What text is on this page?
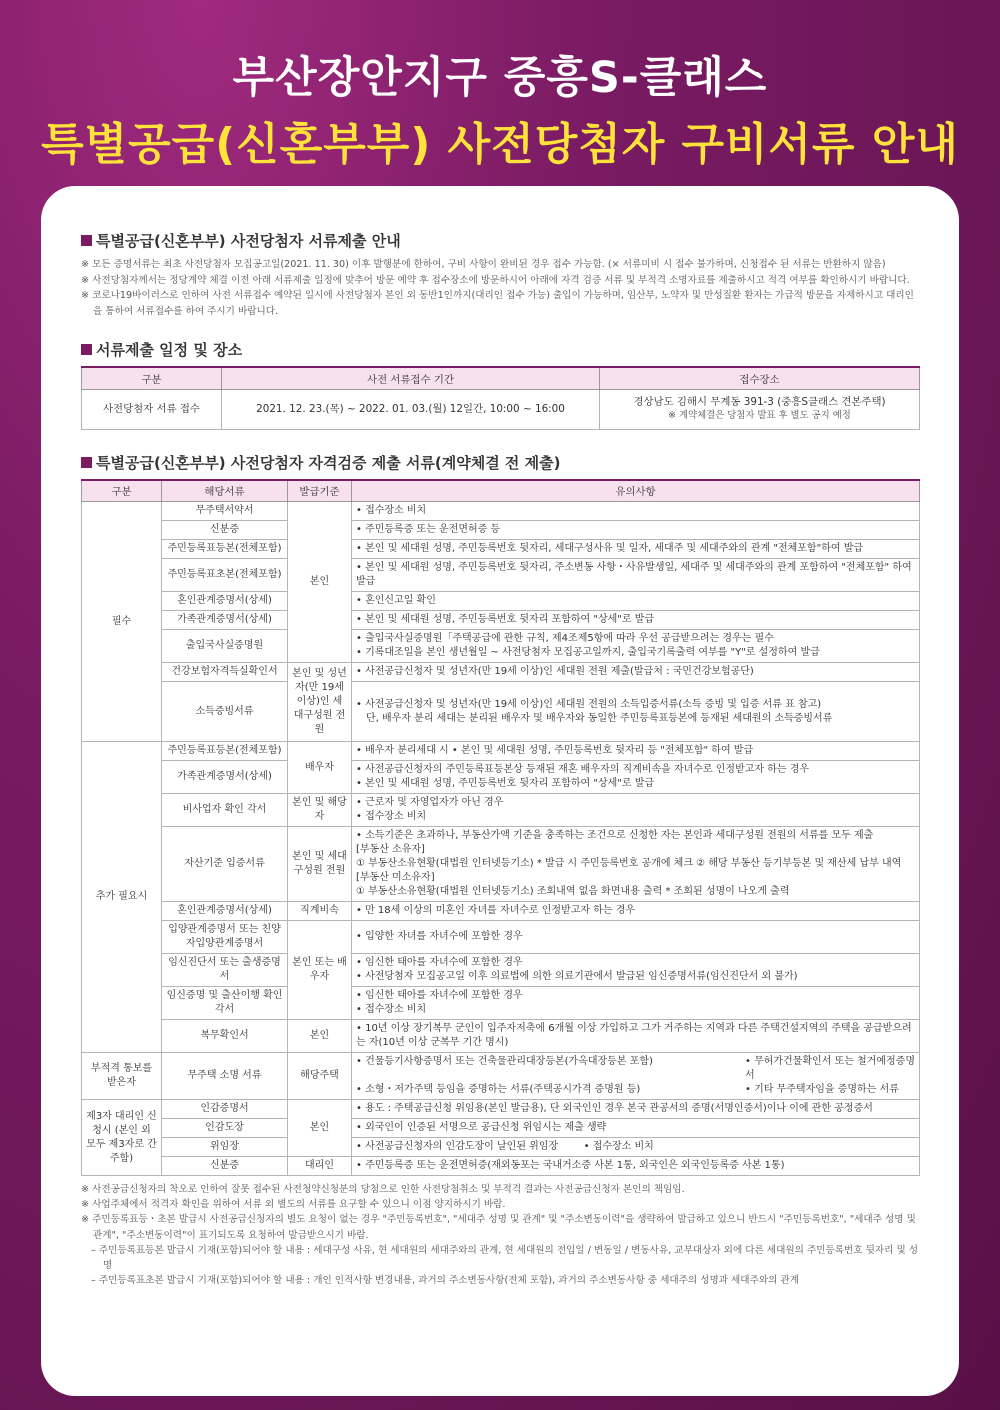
부산장안지구 중흥S-클래스
특별공급(신혼부부) 사전당첨자 구비서류 안내
특별공급(신혼부부) 사전당첨자 서류제출 안내
※ 모든 증명서류는 최초 사전당첨자 모집공고일(2021. 11. 30) 이후 발행분에 한하여, 구비 사항이 완비된 경우 접수 가능함. (× 서류미비 시 접수 불가하며, 신청접수 된 서류는 반환하지 않음)
※ 사전당첨자께서는 정당계약 체결 이전 아래 서류제출 일정에 맞추어 방문 예약 후 접수장소에 방문하시어 아래에 자격 검증 서류 및 부적격 소명자료를 제출하시고 적격 여부를 확인하시기 바랍니다.
※ 코로나19바이러스로 인하여 사전 서류접수 예약된 일시에 사전당첨자 본인 외 동반1인까지(대리인 접수 가능) 출입이 가능하며, 임산부, 노약자 및 만성질환 환자는 가급적 방문을 자제하시고 대리인을 통하여 서류접수를 하여 주시기 바랍니다.
서류제출 일정 및 장소
구분	사전 서류접수 기간	접수장소
사전당첨자 서류 접수	2021. 12. 23.(목) ~ 2022. 01. 03.(월) 12일간, 10:00 ~ 16:00	경상남도 김해시 무계동 391-3 (중흥S클래스 견본주택)
※ 계약체결은 당첨자 발표 후 별도 공지 예정
특별공급(신혼부부) 사전당첨자 자격검증 제출 서류(계약체결 전 제출)
구분	해당서류	발급기준	유의사항
필수	무주택서약서	본인	• 접수장소 비치
	신분증		• 주민등록증 또는 운전면허증 등
	주민등록표등본(전체포함)		• 본인 및 세대원 성명, 주민등록번호 뒷자리, 세대구성사유 및 일자, 세대주 및 세대주와의 관계 "전체포함"하여 발급
	주민등록표초본(전체포함)		• 본인 및 세대원 성명, 주민등록번호 뒷자리, 주소변동 사항・사유발생일, 세대주 및 세대주와의 관계 포함하여 "전체포함" 하여 발급
	혼인관계증명서(상세)		• 혼인신고일 확인
	가족관계증명서(상세)		• 본인 및 세대원 성명, 주민등록번호 뒷자리 포함하여 "상세"로 발급
	출입국사실증명원		• 출입국사실증명원「주택공급에 관한 규칙, 제4조제5항에 따라 우선 공급받으려는 경우는 필수
• 기록대조일을 본인 생년월일 ~ 사전당첨자 모집공고일까지, 출입국기록출력 여부를 "Y"로 설정하여 발급

	건강보험자격득실확인서	본인 및 성년자(만 19세이상)인 세대구성원 전원	• 사전공급신청자 및 성년자(만 19세 이상)인 세대원 전원 제출(발급처 : 국민건강보험공단)
	소득증빙서류		• 사전공급신청자 및 성년자(만 19세 이상)인 세대원 전원의 소득입증서류(소득 증빙 및 입증 서류 표 참고)
단, 배우자 분리 세대는 분리된 배우자 및 배우자와 동일한 주민등록표등본에 등재된 세대원의 소득증빙서류

추가 필요시	주민등록표등본(전체포함)	배우자	• 배우자 분리세대 시 • 본인 및 세대원 성명, 주민등록번호 뒷자리 등 "전체포함" 하여 발급
	가족관계증명서(상세)		• 사전공급신청자의 주민등록표등본상 등재된 재혼 배우자의 직계비속을 자녀수로 인정받고자 하는 경우
• 본인 및 세대원 성명, 주민등록번호 뒷자리 포함하여 "상세"로 발급

	비사업자 확인 각서	본인 및 해당자	• 근로자 및 자영업자가 아닌 경우
• 접수장소 비치

	자산기준 입증서류	본인 및 세대구성원 전원	• 소득기준은 초과하나, 부동산가액 기준을 충족하는 조건으로 신청한 자는 본인과 세대구성원 전원의 서류를 모두 제출
[부동산 소유자]
① 부동산소유현황(대법원 인터넷등기소) * 발급 시 주민등록번호 공개에 체크 ② 해당 부동산 등기부등본 및 재산세 납부 내역
[부동산 미소유자]
① 부동산소유현황(대법원 인터넷등기소) 조회내역 없음 화면내용 출력 * 조회된 성명이 나오게 출력

	혼인관계증명서(상세)	직계비속	• 만 18세 이상의 미혼인 자녀를 자녀수로 인정받고자 하는 경우
	입양관계증명서 또는 친양자입양관계증명서	본인 또는 배우자	• 입양한 자녀를 자녀수에 포함한 경우
	임신진단서 또는 출생증명서		• 임신한 태아를 자녀수에 포함한 경우
• 사전당첨자 모집공고일 이후 의료법에 의한 의료기관에서 발급된 임신증명서류(임신진단서 외 불가)

	임신증명 및 출산이행 확인각서		• 임신한 태아를 자녀수에 포함한 경우
• 접수장소 비치

	복무확인서	본인	• 10년 이상 장기복무 군인이 입주자저축에 6개월 이상 가입하고 그가 거주하는 지역과 다른 주택건설지역의 주택을 공급받으려는 자(10년 이상 군복무 기간 명시)
부적격 통보를 받은자	무주택 소명 서류	해당주택	• 건물등기사항증명서 또는 건축물관리대장등본(가옥대장등본 포함) • 무허가건물확인서 또는 철거예정증명서
• 소형・저가주택 등임을 증명하는 서류(주택공시가격 증명원 등) • 기타 무주택자임을 증명하는 서류

제3자 대리인 신청시 (본인 외 모두 제3자로 간주함)	인감증명서	본인	• 용도 : 주택공급신청 위임용(본인 발급용), 단 외국인인 경우 본국 관공서의 증명(서명인증서)이나 이에 관한 공정증서
	인감도장		• 외국인이 인증된 서명으로 공급신청 위임시는 제출 생략
	위임장		• 사전공급신청자의 인감도장이 날인된 위임장 • 접수장소 비치
	신분증	대리인	• 주민등록증 또는 운전면허증(재외동포는 국내거소증 사본 1통, 외국인은 외국인등록증 사본 1통)
※ 사전공급신청자의 착오로 인하여 잘못 접수된 사전청약신청분의 당첨으로 인한 사전당첨취소 및 부적격 결과는 사전공급신청자 본인의 책임임.
※ 사업주체에서 적격자 확인을 위하여 서류 외 별도의 서류를 요구할 수 있으니 이점 양지하시기 바람.
※ 주민등록표등・초본 발급시 사전공급신청자의 별도 요청이 없는 경우 "주민등록번호", "세대주 성명 및 관계" 및 "주소변동이력"을 생략하여 발급하고 있으니 반드시 "주민등록번호", "세대주 성명 및 관계", "주소변동이력"이 표기되도록 요청하여 발급받으시기 바람.
– 주민등록표등본 발급시 기재(포함)되어야 할 내용 : 세대구성 사유, 현 세대원의 세대주와의 관계, 현 세대원의 전입일 / 변동일 / 변동사유, 교부대상자 외에 다른 세대원의 주민등록번호 뒷자리 및 성명
– 주민등록표초본 발급시 기재(포함)되어야 할 내용 : 개인 인적사항 변경내용, 과거의 주소변동사항(전체 포함), 과거의 주소변동사항 중 세대주의 성명과 세대주와의 관계
